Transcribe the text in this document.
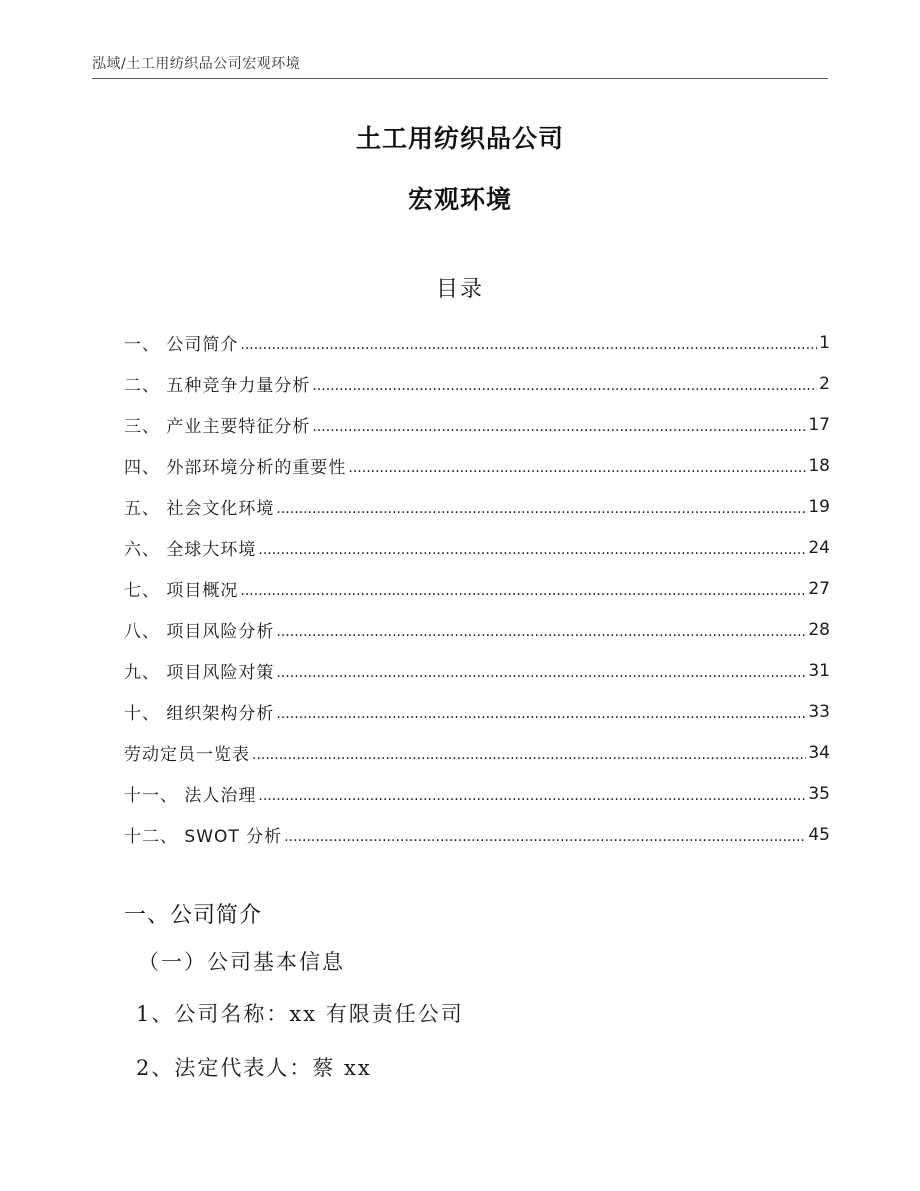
泓域/土工用纺织品公司宏观环境
土工用纺织品公司
宏观环境
目录
一、 公司简介 .....	1
二、 五种竞争力量分析 .....	2
三、 产业主要特征分析 .....	17
四、 外部环境分析的重要性 .....	18
五、 社会文化环境 .....	19
六、 全球大环境 .....	24
七、 项目概况 .....	27
八、 项目风险分析 .....	28
九、 项目风险对策 .....	31
十、 组织架构分析 .....	33
劳动定员一览表 .....	34
十一、 法人治理 .....	35
十二、 SWOT 分析 .....	45
一、公司简介
（一）公司基本信息
1、公司名称：xx 有限责任公司
2、法定代表人：蔡 xx
